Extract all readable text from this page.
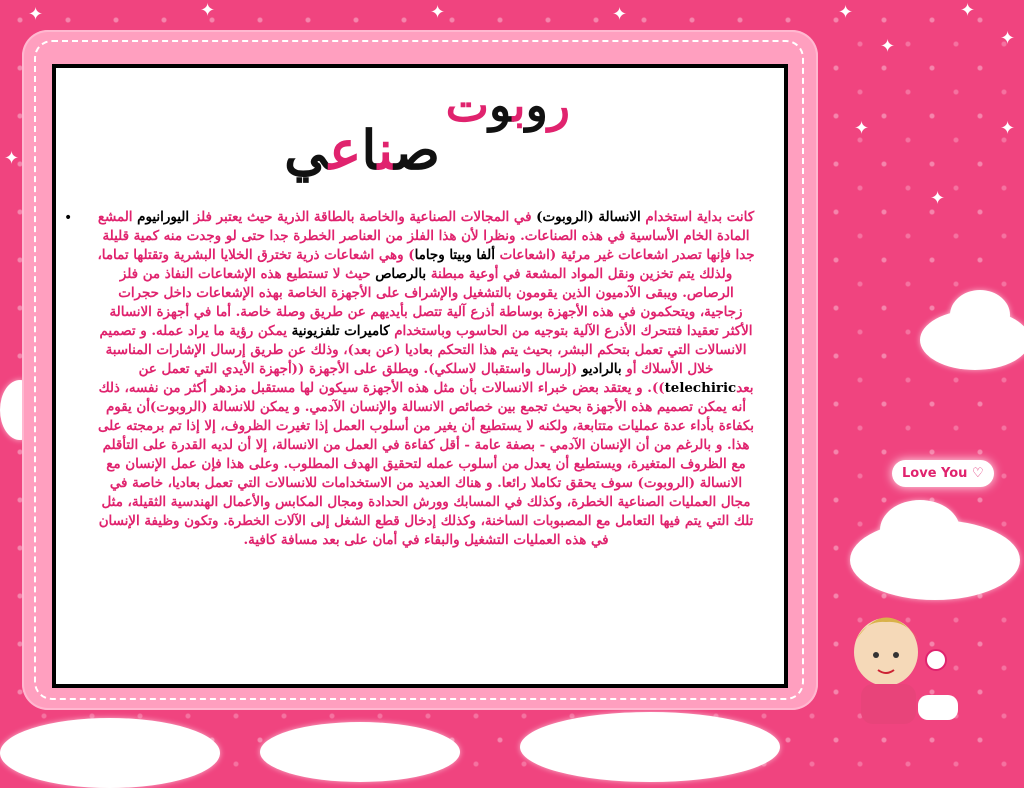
✦	✦	✦	✦	✦	✦
✦	✦
✦
✦
✦
✦
روبوت
صناعي
•	كانت بداية استخدام الانسالة (الروبوت) في المجالات الصناعية والخاصة بالطاقة الذرية حيث يعتبر فلز اليورانيوم المشع المادة الخام الأساسية في هذه الصناعات. ونظرا لأن هذا الفلز من العناصر الخطرة جدا حتى لو وجدت منه كمية قليلة جدا فإنها تصدر اشعاعات غير مرئية (اشعاعات ألفا وبيتا وجاما) وهي اشعاعات ذرية تخترق الخلايا البشرية وتقتلها تماما، ولذلك يتم تخزين ونقل المواد المشعة في أوعية مبطنة بالرصاص حيث لا تستطيع هذه الإشعاعات النفاذ من فلز الرصاص. ويبقى الآدميون الذين يقومون بالتشغيل والإشراف على الأجهزة الخاصة بهذه الإشعاعات داخل حجرات زجاجية، ويتحكمون في هذه الأجهزة بوساطة أذرع آلية تتصل بأيديهم عن طريق وصلة خاصة. أما في أجهزة الانسالة الأكثر تعقيدا فتتحرك الأذرع الآلية بتوجيه من الحاسوب وباستخدام كاميرات تلفزيونية يمكن رؤية ما يراد عمله. و تصميم الانسالات التي تعمل بتحكم البشر، بحيث يتم هذا التحكم بعاديا (عن بعد)، وذلك عن طريق إرسال الإشارات المناسبة خلال الأسلاك أو بالراديو (إرسال واستقبال لاسلكي). ويطلق على الأجهزة ((أجهزة الأيدي التي تعمل عن بعدtelechiric)). و يعتقد بعض خبراء الانسالات بأن مثل هذه الأجهزة سيكون لها مستقبل مزدهر أكثر من نفسه، ذلك أنه يمكن تصميم هذه الأجهزة بحيث تجمع بين خصائص الانسالة والإنسان الآدمي. و يمكن للانسالة (الروبوت)أن يقوم بكفاءة بأداء عدة عمليات متتابعة، ولكنه لا يستطيع أن يغير من أسلوب العمل إذا تغيرت الظروف، إلا إذا تم برمجته على هذا. و بالرغم من أن الإنسان الآدمي - بصفة عامة - أقل كفاءة في العمل من الانسالة، إلا أن لديه القدرة على التأقلم مع الظروف المتغيرة، ويستطيع أن يعدل من أسلوب عمله لتحقيق الهدف المطلوب. وعلى هذا فإن عمل الإنسان مع الانسالة (الروبوت) سوف يحقق تكاملا رائعا. و هناك العديد من الاستخدامات للانسالات التي تعمل بعاديا، خاصة في مجال العمليات الصناعية الخطرة، وكذلك في المسابك وورش الحدادة ومجال المكابس والأعمال الهندسية الثقيلة، مثل تلك التي يتم فيها التعامل مع المصبوبات الساخنة، وكذلك إدخال قطع الشغل إلى الآلات الخطرة. وتكون وظيفة الإنسان في هذه العمليات التشغيل والبقاء في أمان على بعد مسافة كافية.
Love You ♡
